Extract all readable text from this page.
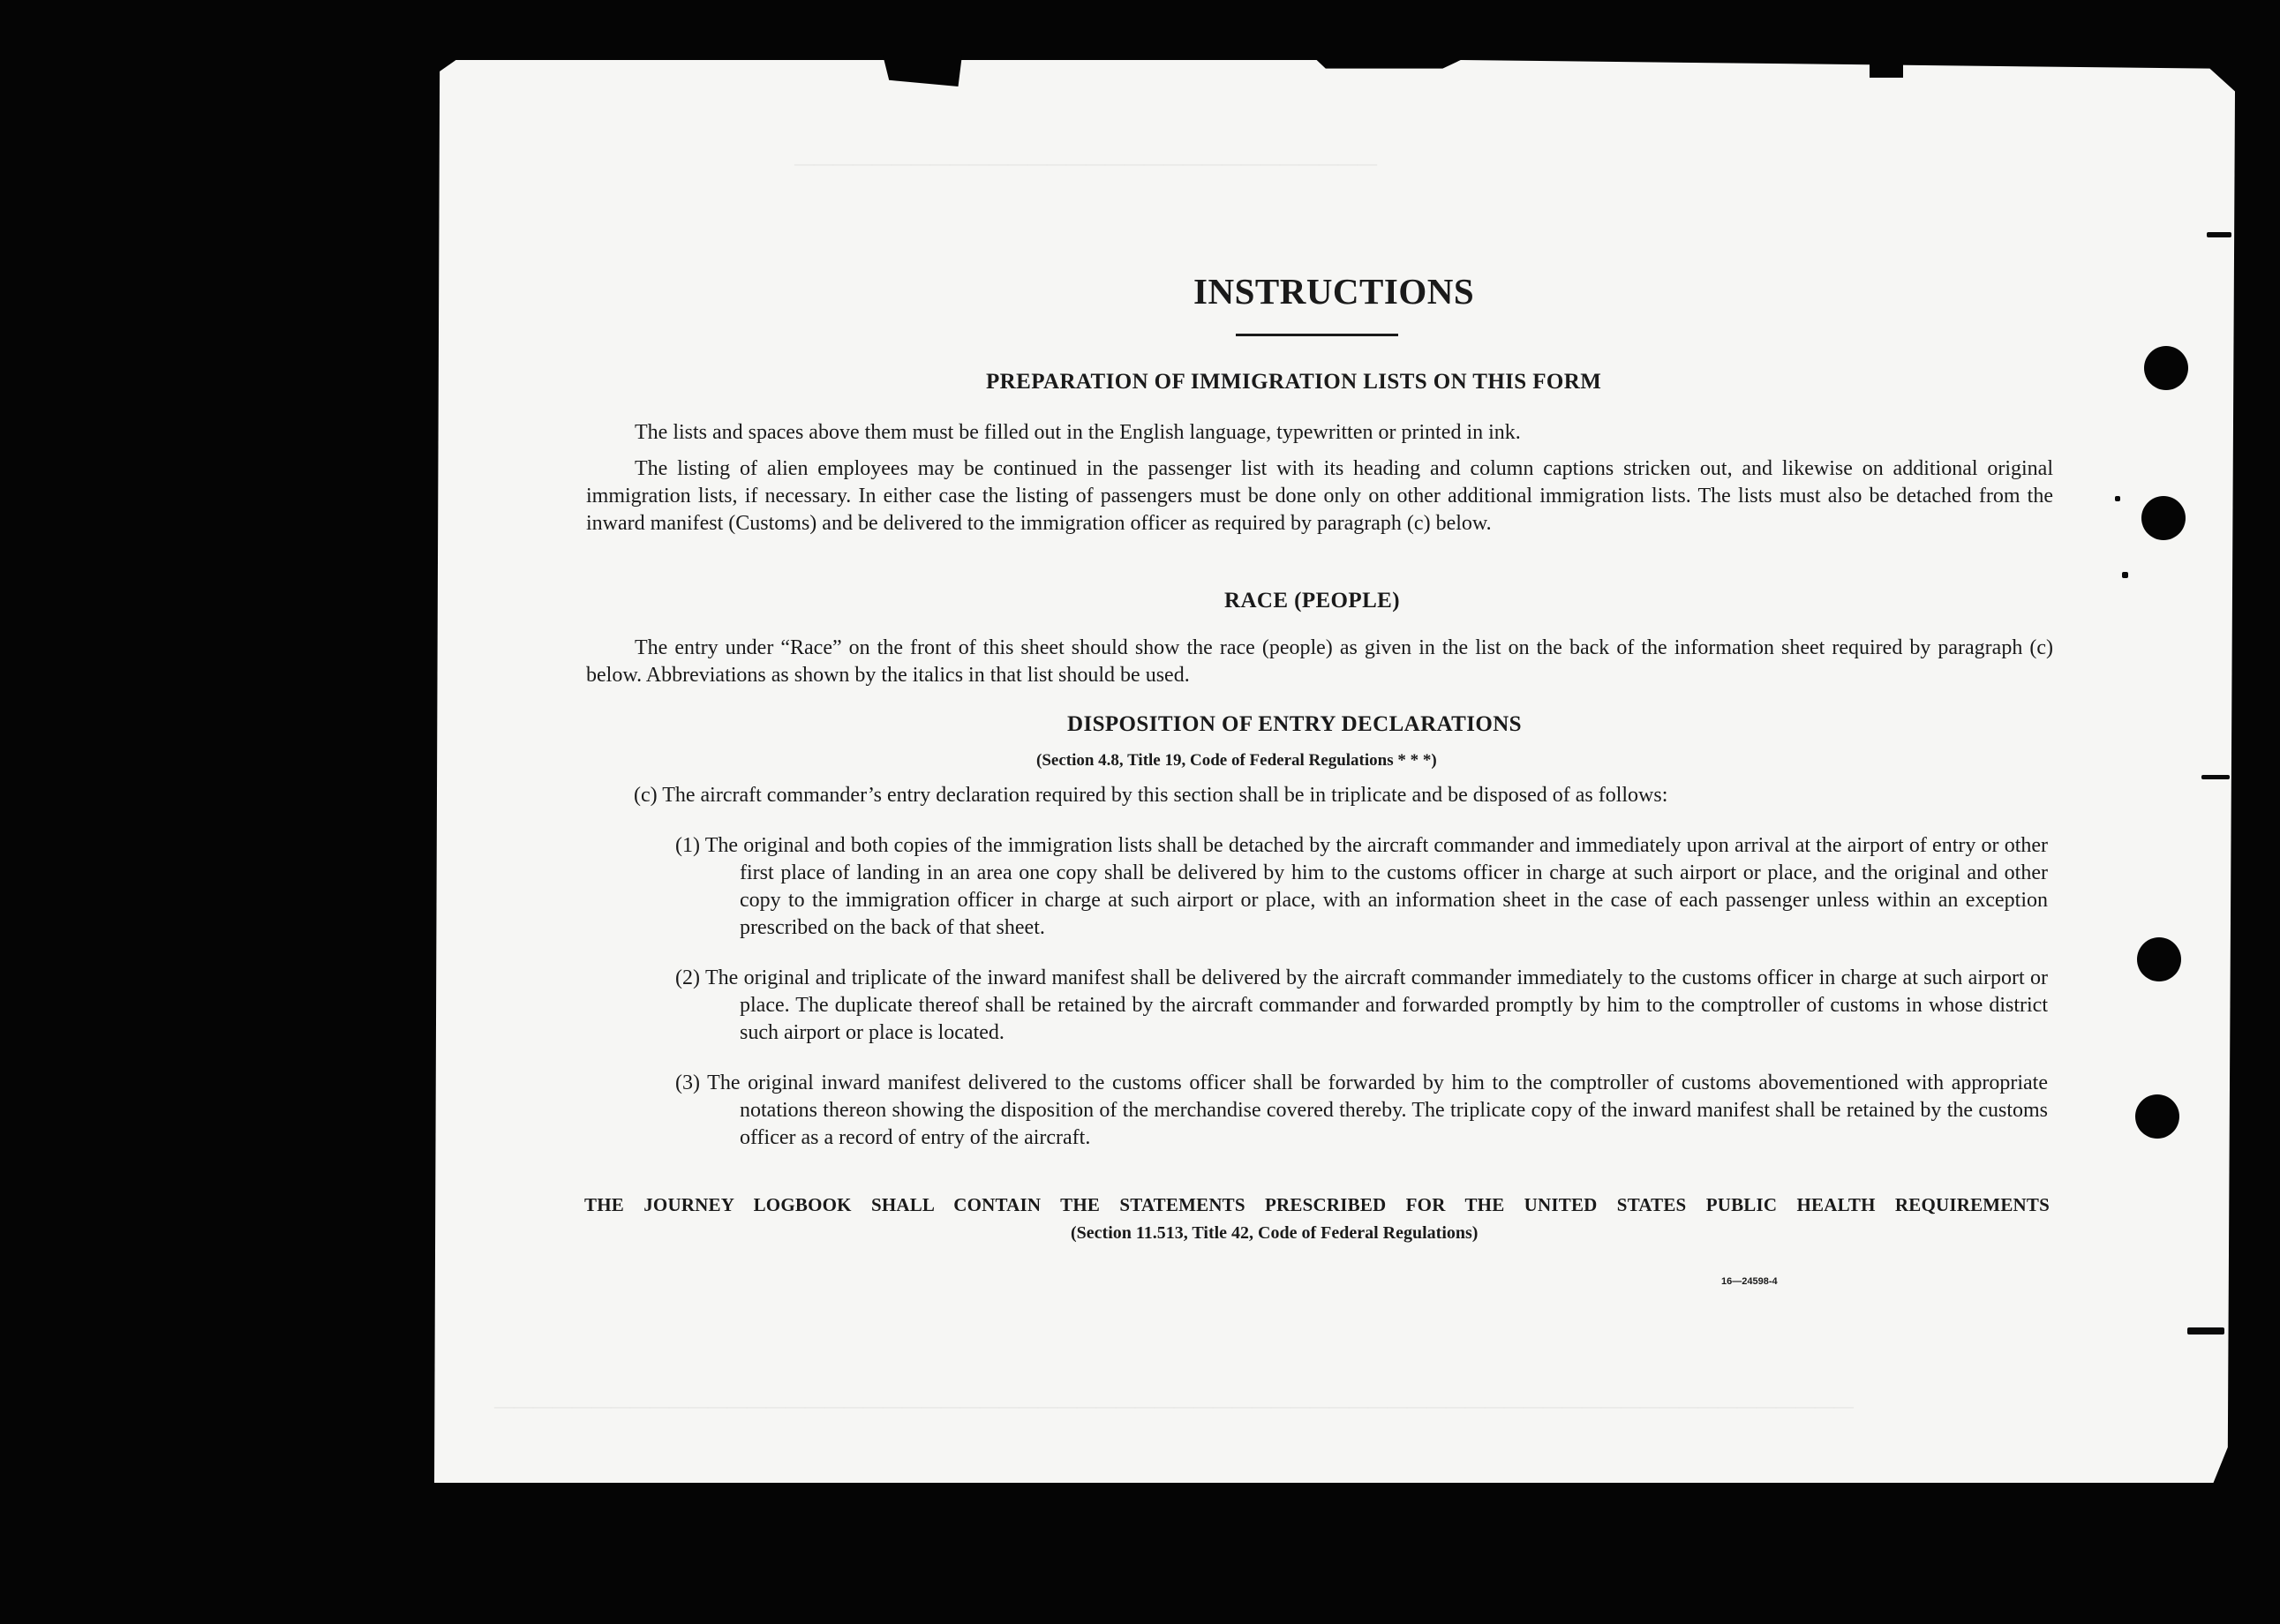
——————————————————————————————
——————————————————————————————————————————————————————————————————————
INSTRUCTIONS
PREPARATION OF IMMIGRATION LISTS ON THIS FORM
The lists and spaces above them must be filled out in the English language, typewritten or printed in ink.
The listing of alien employees may be continued in the passenger list with its heading and column captions stricken out, and likewise on additional original immigration lists, if necessary. In either case the listing of passengers must be done only on other additional immigration lists. The lists must also be detached from the inward manifest (Customs) and be delivered to the immigration officer as required by paragraph (c) below.
RACE (PEOPLE)
The entry under “Race” on the front of this sheet should show the race (people) as given in the list on the back of the information sheet required by paragraph (c) below. Abbreviations as shown by the italics in that list should be used.
DISPOSITION OF ENTRY DECLARATIONS
(Section 4.8, Title 19, Code of Federal Regulations * * *)
(c) The aircraft commander’s entry declaration required by this section shall be in triplicate and be disposed of as follows:
(1) The original and both copies of the immigration lists shall be detached by the aircraft commander and immediately upon arrival at the airport of entry or other first place of landing in an area one copy shall be delivered by him to the customs officer in charge at such airport or place, and the original and other copy to the immigration officer in charge at such airport or place, with an information sheet in the case of each passenger unless within an exception prescribed on the back of that sheet.
(2) The original and triplicate of the inward manifest shall be delivered by the aircraft commander immediately to the customs officer in charge at such airport or place. The duplicate thereof shall be retained by the aircraft commander and forwarded promptly by him to the comptroller of customs in whose district such airport or place is located.
(3) The original inward manifest delivered to the customs officer shall be forwarded by him to the comptroller of customs abovementioned with appropriate notations thereon showing the disposition of the merchandise covered thereby. The triplicate copy of the inward manifest shall be retained by the customs officer as a record of entry of the aircraft.
THE JOURNEY LOGBOOK SHALL CONTAIN THE STATEMENTS PRESCRIBED FOR THE UNITED STATES PUBLIC HEALTH REQUIREMENTS
(Section 11.513, Title 42, Code of Federal Regulations)
16—24598-4
